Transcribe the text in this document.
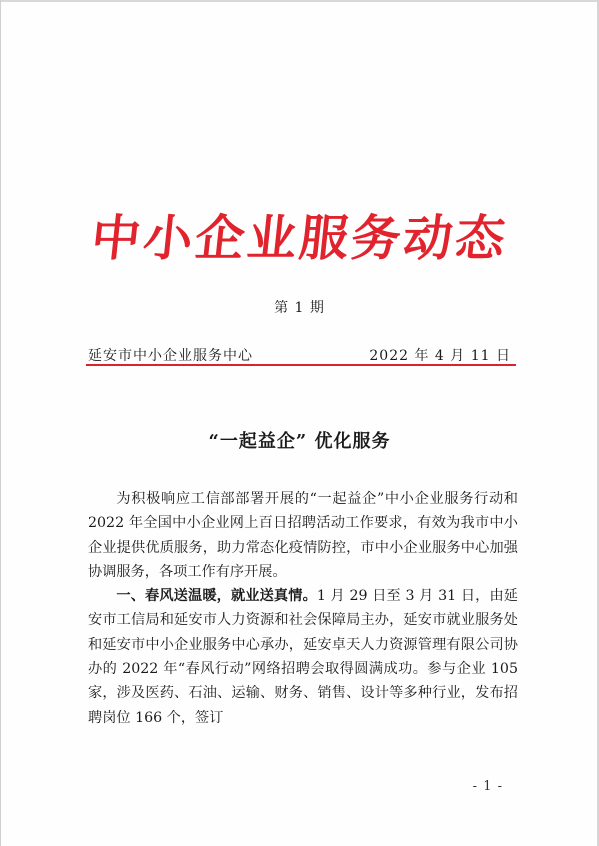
中小企业服务动态
第 1 期
延安市中小企业服务中心	2022 年 4 月 11 日
“一起益企” 优化服务

为积极响应工信部部署开展的“一起益企”中小企业服务行动和 2022 年全国中小企业网上百日招聘活动工作要求，有效为我市中小企业提供优质服务，助力常态化疫情防控，市中小企业服务中心加强协调服务，各项工作有序开展。

一、春风送温暖，就业送真情。1 月 29 日至 3 月 31 日，由延安市工信局和延安市人力资源和社会保障局主办，延安市就业服务处和延安市中小企业服务中心承办，延安卓天人力资源管理有限公司协办的 2022 年“春风行动”网络招聘会取得圆满成功。参与企业 105 家，涉及医药、石油、运输、财务、销售、设计等多种行业，发布招聘岗位 166 个，签订

- 1 -
